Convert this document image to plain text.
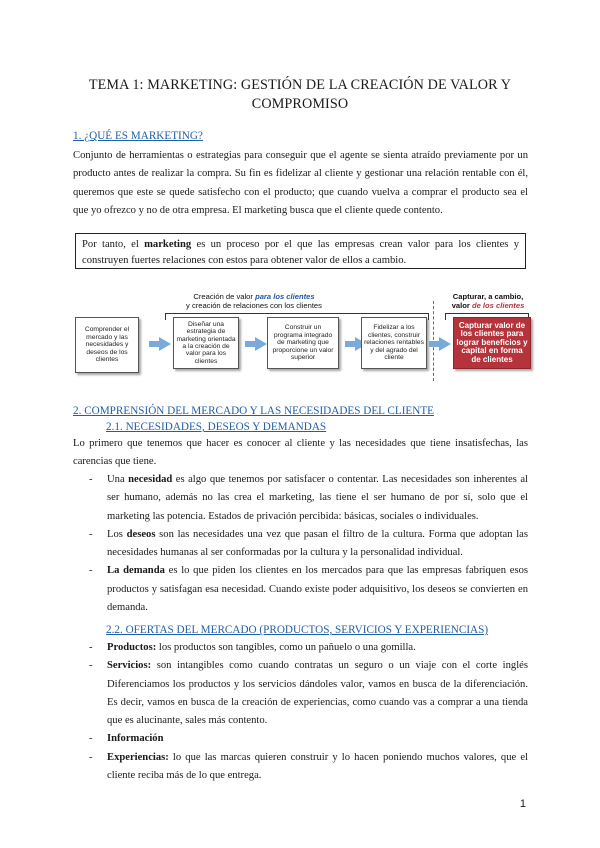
TEMA 1: MARKETING: GESTIÓN DE LA CREACIÓN DE VALOR Y
COMPROMISO
1. ¿QUÉ ES MARKETING?
Conjunto de herramientas o estrategias para conseguir que el agente se sienta atraído previamente por un producto antes de realizar la compra. Su fin es fidelizar al cliente y gestionar una relación rentable con él, queremos que este se quede satisfecho con el producto; que cuando vuelva a comprar el producto sea el que yo ofrezco y no de otra empresa. El marketing busca que el cliente quede contento.
Por tanto, el marketing es un proceso por el que las empresas crean valor para los clientes y construyen fuertes relaciones con estos para obtener valor de ellos a cambio.
Creación de valor para los clientes
y creación de relaciones con los clientes
Capturar, a cambio,
valor de los clientes
Comprender el mercado y las necesidades y deseos de los clientes
Diseñar una estrategia de marketing orientada a la creación de valor para los clientes
Construir un programa integrado de marketing que proporcione un valor superior
Fidelizar a los clientes, construir relaciones rentables y del agrado del cliente
Capturar valor de los clientes para lograr beneficios y capital en forma de clientes
2. COMPRENSIÓN DEL MERCADO Y LAS NECESIDADES DEL CLIENTE
2.1. NECESIDADES, DESEOS Y DEMANDAS
Lo primero que tenemos que hacer es conocer al cliente y las necesidades que tiene insatisfechas, las carencias que tiene.
- Una necesidad es algo que tenemos por satisfacer o contentar. Las necesidades son inherentes al ser humano, además no las crea el marketing, las tiene el ser humano de por sí, solo que el marketing las potencia. Estados de privación percibida: básicas, sociales o individuales.
- Los deseos son las necesidades una vez que pasan el filtro de la cultura. Forma que adoptan las necesidades humanas al ser conformadas por la cultura y la personalidad individual.
- La demanda es lo que piden los clientes en los mercados para que las empresas fabriquen esos productos y satisfagan esa necesidad. Cuando existe poder adquisitivo, los deseos se convierten en demanda.
2.2. OFERTAS DEL MERCADO (PRODUCTOS, SERVICIOS Y EXPERIENCIAS)
- Productos: los productos son tangibles, como un pañuelo o una gomilla.
- Servicios: son intangibles como cuando contratas un seguro o un viaje con el corte inglés Diferenciamos los productos y los servicios dándoles valor, vamos en busca de la diferenciación. Es decir, vamos en busca de la creación de experiencias, como cuando vas a comprar a una tienda que es alucinante, sales más contento.
- Información
- Experiencias: lo que las marcas quieren construir y lo hacen poniendo muchos valores, que el cliente reciba más de lo que entrega.
1
